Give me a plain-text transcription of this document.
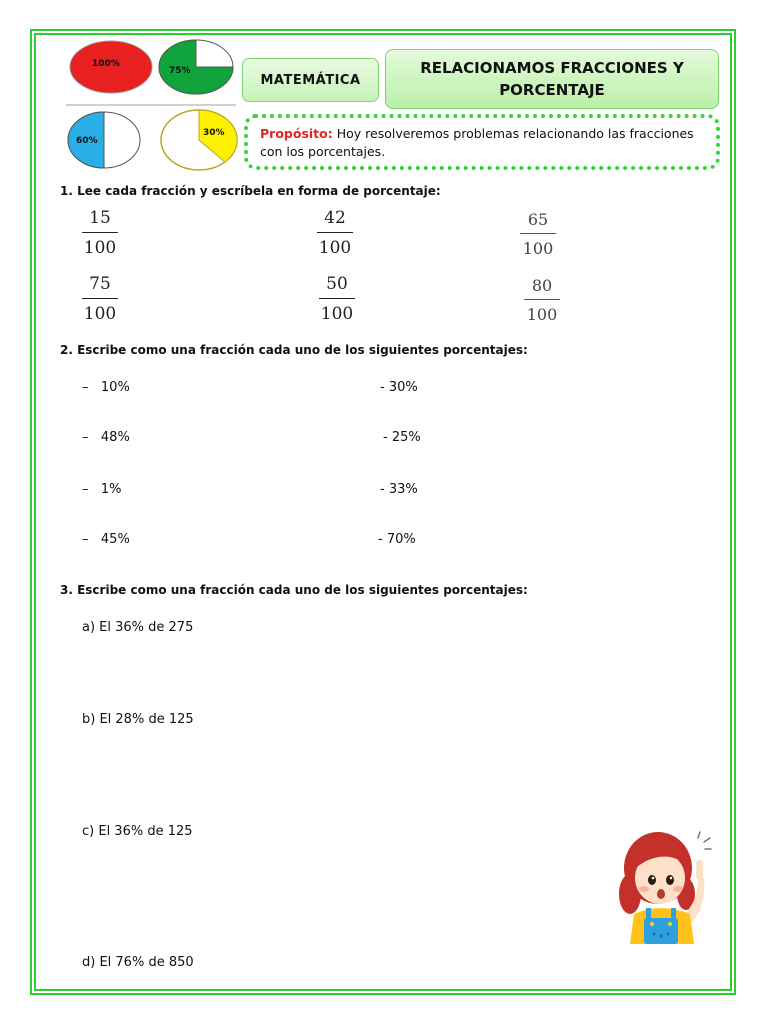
100%
75%
60%
30%
MATEMÁTICA
RELACIONAMOS FRACCIONES Y
PORCENTAJE
Propósito: Hoy resolveremos problemas relacionando las fracciones con los porcentajes.
1. Lee cada fracción y escríbela en forma de porcentaje:
15
100
42
100
65
100
75
100
50
100
80
100
2. Escribe como una fracción cada uno de los siguientes porcentajes:
–   10%
–   48%
–   1%
–   45%
- 30%
- 25%
- 33%
- 70%
3. Escribe como una fracción cada uno de los siguientes porcentajes:
a) El 36% de 275
b) El 28% de 125
c) El 36% de 125
d) El 76% de 850
